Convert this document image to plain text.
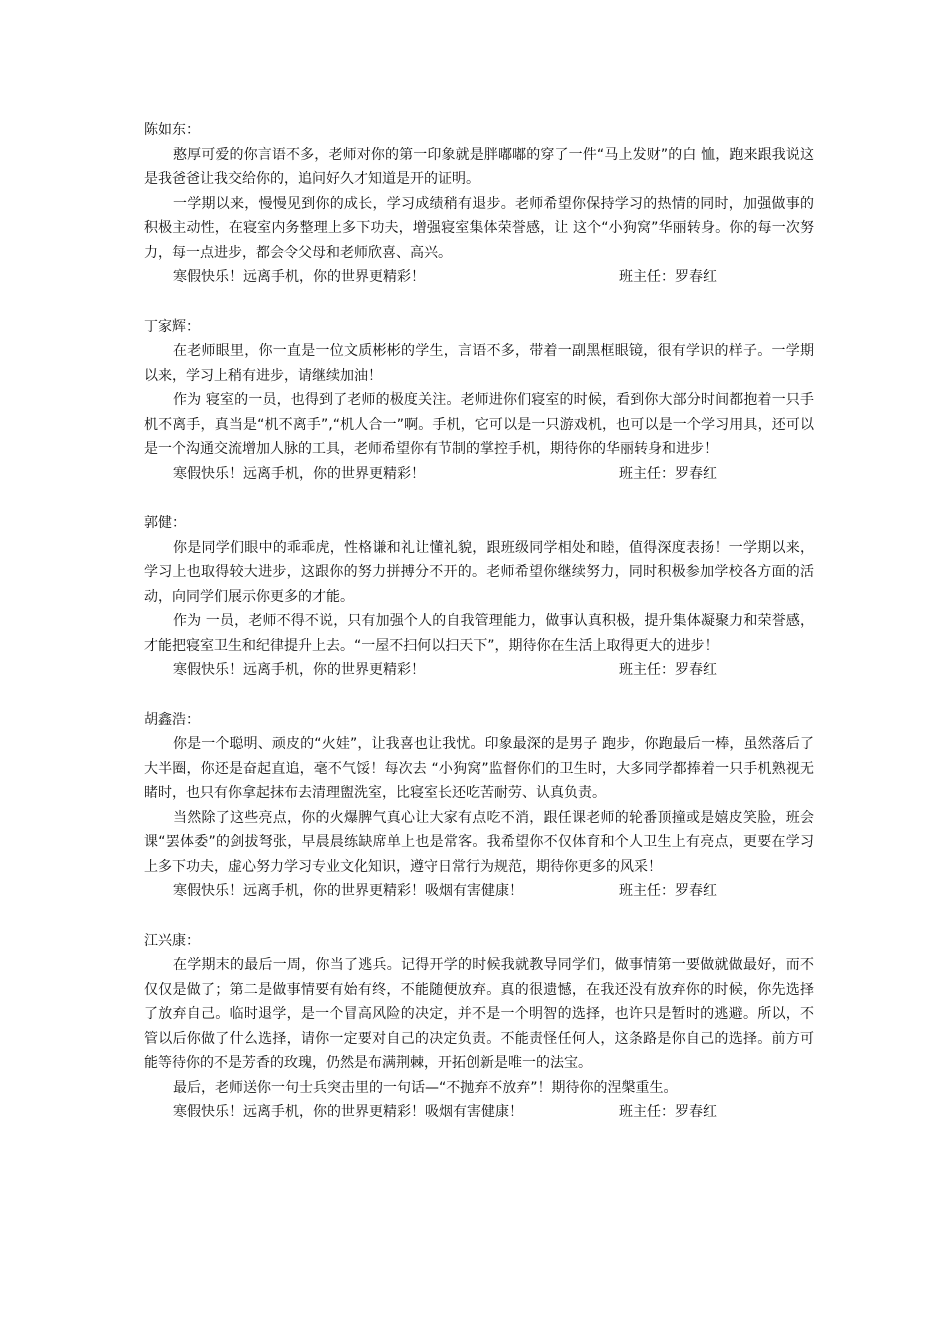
陈如东：

憨厚可爱的你言语不多，老师对你的第一印象就是胖嘟嘟的穿了一件“马上发财”的白 恤，跑来跟我说这是我爸爸让我交给你的，追问好久才知道是开的证明。

一学期以来，慢慢见到你的成长，学习成绩稍有退步。老师希望你保持学习的热情的同时，加强做事的积极主动性，在寝室内务整理上多下功夫，增强寝室集体荣誉感，让 这个“小狗窝”华丽转身。你的每一次努力，每一点进步，都会令父母和老师欣喜、高兴。

寒假快乐！远离手机，你的世界更精彩！	班主任：罗春红

丁家辉：

在老师眼里，你一直是一位文质彬彬的学生，言语不多，带着一副黑框眼镜，很有学识的样子。一学期以来，学习上稍有进步，请继续加油！

作为 寝室的一员，也得到了老师的极度关注。老师进你们寝室的时候，看到你大部分时间都抱着一只手机不离手，真当是“机不离手”,“机人合一”啊。手机，它可以是一只游戏机，也可以是一个学习用具，还可以是一个沟通交流增加人脉的工具，老师希望你有节制的掌控手机，期待你的华丽转身和进步！

寒假快乐！远离手机，你的世界更精彩！	班主任：罗春红

郭健：

你是同学们眼中的乖乖虎，性格谦和礼让懂礼貌，跟班级同学相处和睦，值得深度表扬！一学期以来，学习上也取得较大进步，这跟你的努力拼搏分不开的。老师希望你继续努力，同时积极参加学校各方面的活动，向同学们展示你更多的才能。

作为 一员，老师不得不说，只有加强个人的自我管理能力，做事认真积极，提升集体凝聚力和荣誉感，才能把寝室卫生和纪律提升上去。“一屋不扫何以扫天下”，期待你在生活上取得更大的进步！

寒假快乐！远离手机，你的世界更精彩！	班主任：罗春红

胡鑫浩：

你是一个聪明、顽皮的“火娃”，让我喜也让我忧。印象最深的是男子 跑步，你跑最后一棒，虽然落后了大半圈，你还是奋起直追，毫不气馁！每次去 “小狗窝”监督你们的卫生时，大多同学都捧着一只手机熟视无睹时，也只有你拿起抹布去清理盥洗室，比寝室长还吃苦耐劳、认真负责。

当然除了这些亮点，你的火爆脾气真心让大家有点吃不消，跟任课老师的轮番顶撞或是嬉皮笑脸，班会课“罢体委”的剑拔弩张，早晨晨练缺席单上也是常客。我希望你不仅体育和个人卫生上有亮点，更要在学习上多下功夫，虚心努力学习专业文化知识，遵守日常行为规范，期待你更多的风采！

寒假快乐！远离手机，你的世界更精彩！吸烟有害健康！	班主任：罗春红

江兴康：

在学期末的最后一周，你当了逃兵。记得开学的时候我就教导同学们，做事情第一要做就做最好，而不仅仅是做了；第二是做事情要有始有终，不能随便放弃。真的很遗憾，在我还没有放弃你的时候，你先选择了放弃自己。临时退学，是一个冒高风险的决定，并不是一个明智的选择，也许只是暂时的逃避。所以，不管以后你做了什么选择，请你一定要对自己的决定负责。不能责怪任何人，这条路是你自己的选择。前方可能等待你的不是芳香的玫瑰，仍然是布满荆棘，开拓创新是唯一的法宝。

最后，老师送你一句士兵突击里的一句话—“不抛弃不放弃”！期待你的涅槃重生。

寒假快乐！远离手机，你的世界更精彩！吸烟有害健康！	班主任：罗春红
